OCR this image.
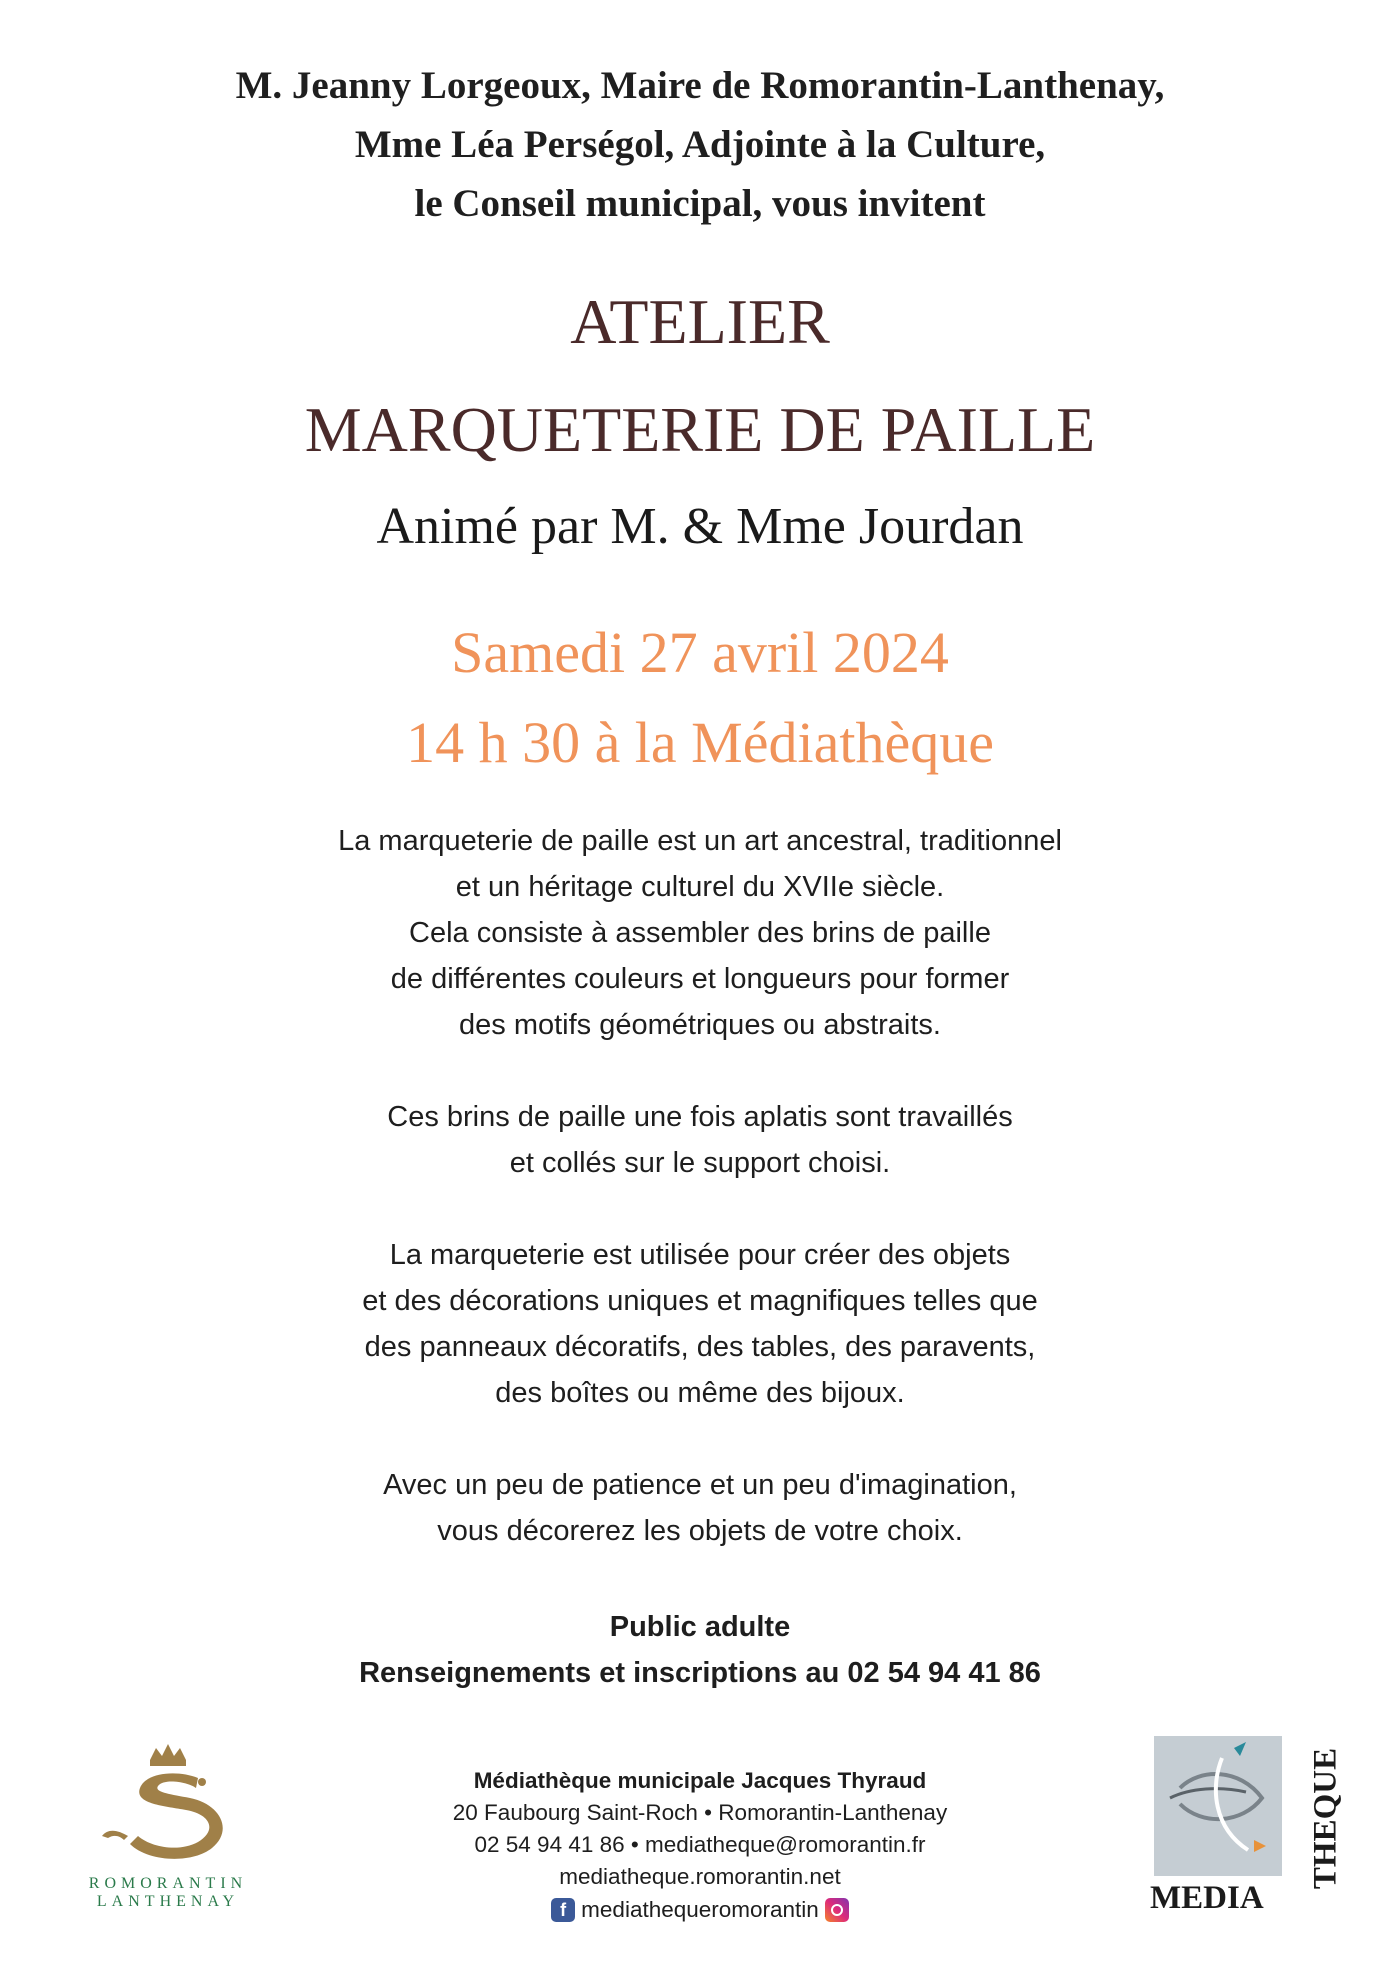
M. Jeanny Lorgeoux, Maire de Romorantin-Lanthenay,
Mme Léa Perségol, Adjointe à la Culture,
le Conseil municipal, vous invitent
ATELIER
MARQUETERIE DE PAILLE
Animé par M. & Mme Jourdan
Samedi 27 avril 2024
14 h 30 à la Médiathèque
La marqueterie de paille est un art ancestral, traditionnel
et un héritage culturel du XVIIe siècle.
Cela consiste à assembler des brins de paille
de différentes couleurs et longueurs pour former
des motifs géométriques ou abstraits.
Ces brins de paille une fois aplatis sont travaillés
et collés sur le support choisi.
La marqueterie est utilisée pour créer des objets
et des décorations uniques et magnifiques telles que
des panneaux décoratifs, des tables, des paravents,
des boîtes ou même des bijoux.
Avec un peu de patience et un peu d'imagination,
vous décorerez les objets de votre choix.
Public adulte
Renseignements et inscriptions au 02 54 94 41 86
ROMORANTIN
LANTHENAY
Médiathèque municipale Jacques Thyraud
20 Faubourg Saint-Roch • Romorantin-Lanthenay
02 54 94 41 86 • mediatheque@romorantin.fr
mediatheque.romorantin.net
f mediathequeromorantin	MEDIA
THEQUE
